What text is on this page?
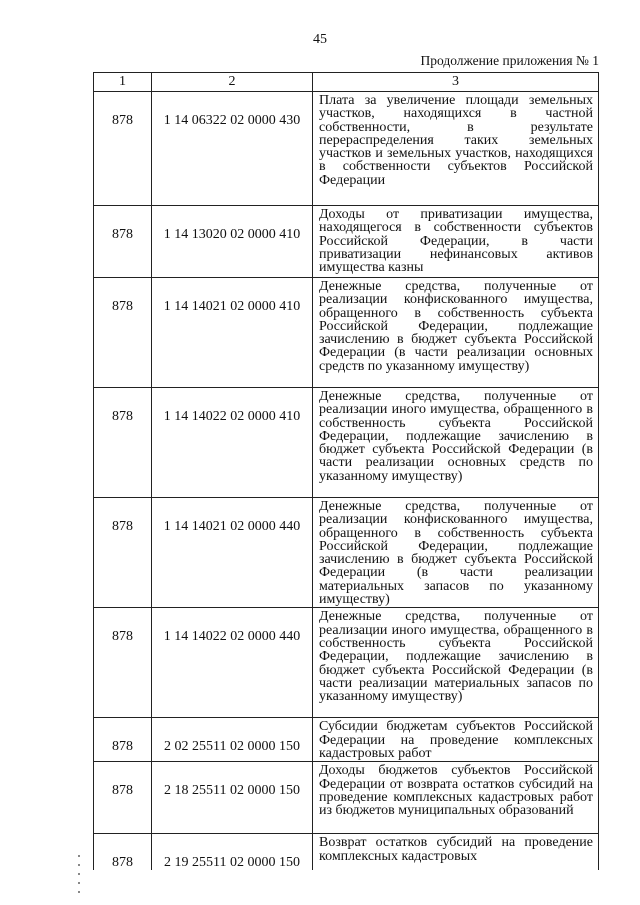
45
Продолжение приложения № 1
1	2	3
878	1 14 06322 02 0000 430	Плата за увеличение площади земельных участков, находящихся в частной собственности, в результате перераспределения таких земельных участков и земельных участков, находящихся в собственности субъектов Российской Федерации
878	1 14 13020 02 0000 410	Доходы от приватизации имущества, находящегося в собственности субъектов Российской Федерации, в части приватизации нефинансовых активов имущества казны
878	1 14 14021 02 0000 410	Денежные средства, полученные от реализации конфискованного имущества, обращенного в собственность субъекта Российской Федерации, подлежащие зачислению в бюджет субъекта Российской Федерации (в части реализации основных средств по указанному имуществу)
878	1 14 14022 02 0000 410	Денежные средства, полученные от реализации иного имущества, обращенного в собственность субъекта Российской Федерации, подлежащие зачислению в бюджет субъекта Российской Федерации (в части реализации основных средств по указанному имуществу)
878	1 14 14021 02 0000 440	Денежные средства, полученные от реализации конфискованного имущества, обращенного в собственность субъекта Российской Федерации, подлежащие зачислению в бюджет субъекта Российской Федерации (в части реализации материальных запасов по указанному имуществу)
878	1 14 14022 02 0000 440	Денежные средства, полученные от реализации иного имущества, обращенного в собственность субъекта Российской Федерации, подлежащие зачислению в бюджет субъекта Российской Федерации (в части реализации материальных запасов по указанному имуществу)
878	2 02 25511 02 0000 150	Субсидии бюджетам субъектов Российской Федерации на проведение комплексных кадастровых работ
878	2 18 25511 02 0000 150	Доходы бюджетов субъектов Российской Федерации от возврата остатков субсидий на проведение комплексных кадастровых работ из бюджетов муниципальных образований
878	2 19 25511 02 0000 150	Возврат остатков субсидий на проведение комплексных кадастровых
